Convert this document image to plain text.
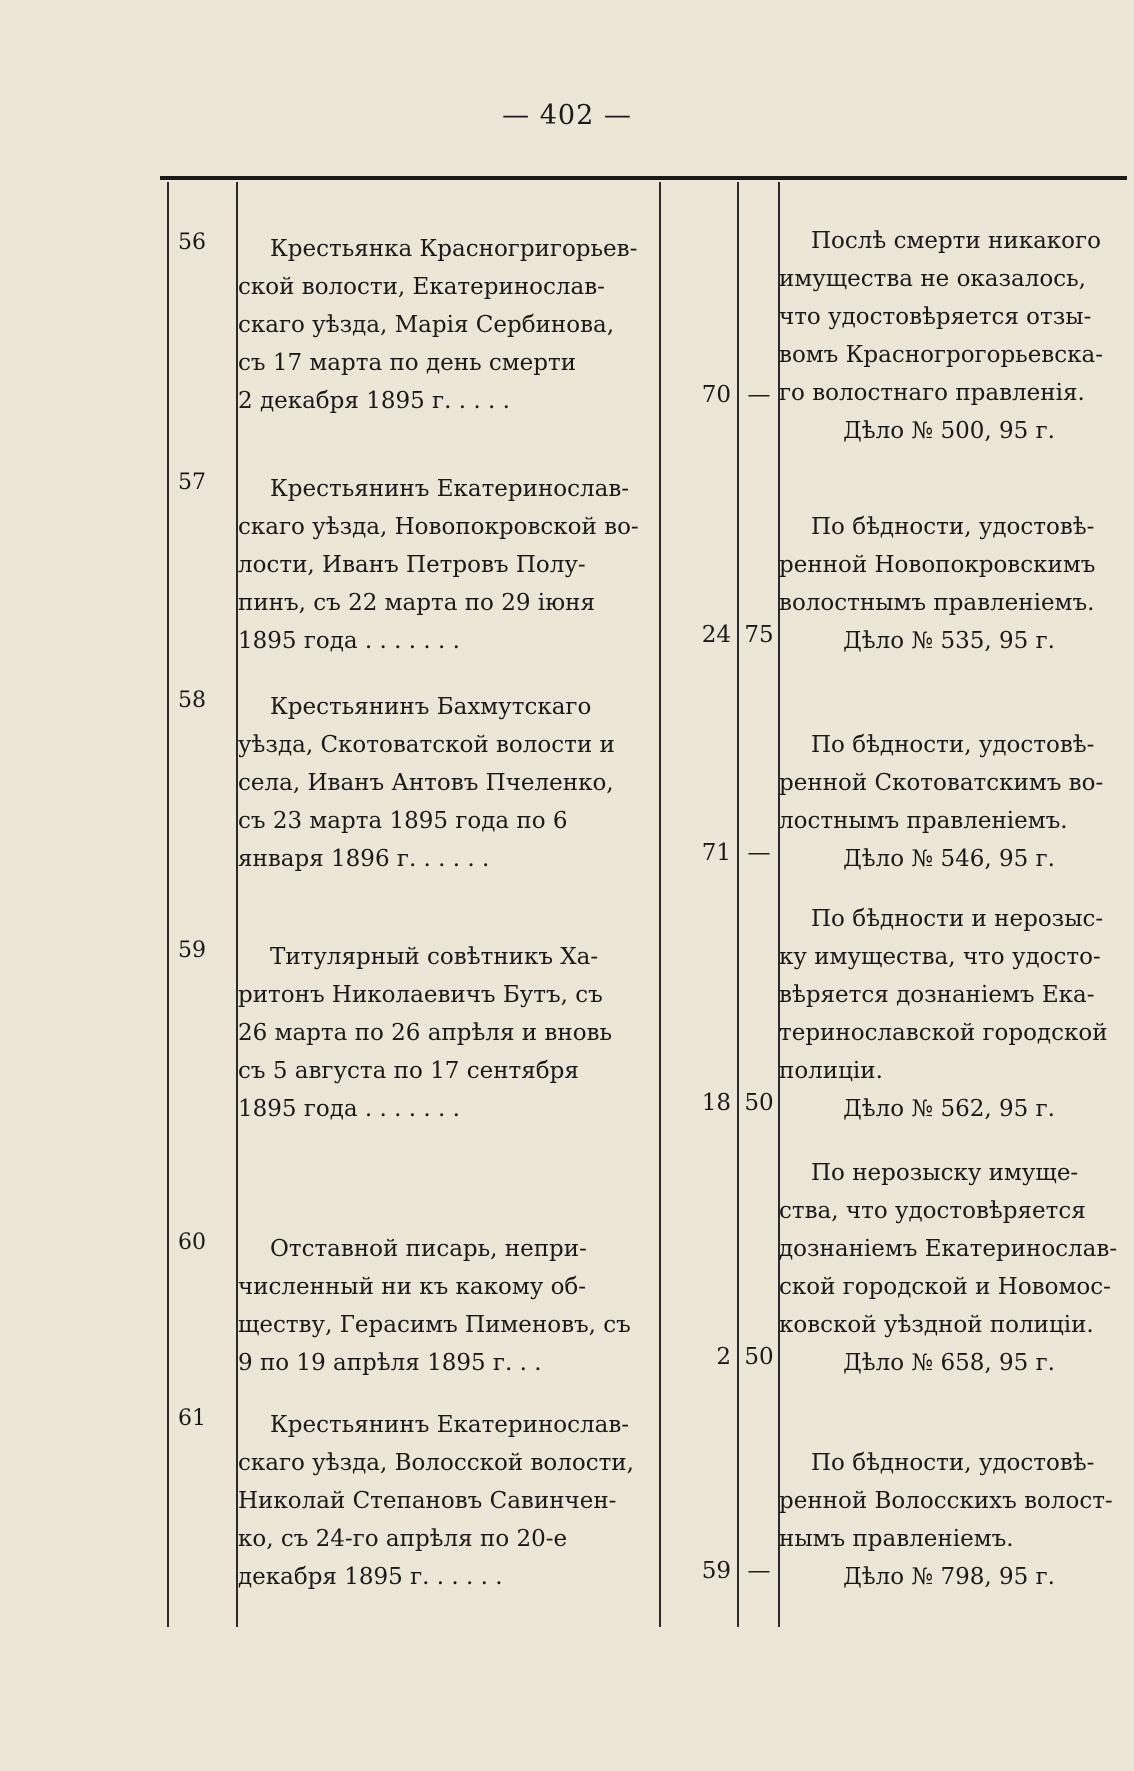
— 402 —
56	Крестьянка Красногригорьев-

ской волости, Екатеринослав-

скаго уѣзда, Марія Сербинова,

съ 17 марта по день смерти

2 декабря 1895 г. . . . .	70 —

Послѣ смерти никакого

имущества не оказалось,

что удостовѣряется отзы-

вомъ Красногрогорьевска-

го волостнаго правленія.

Дѣло № 500, 95 г.

57	Крестьянинъ Екатеринослав-

скаго уѣзда, Новопокровской во-

лости, Иванъ Петровъ Полу-

пинъ, съ 22 марта по 29 іюня

1895 года . . . . . . .	24 75

По бѣдности, удостовѣ-

ренной Новопокровскимъ

волостнымъ правленіемъ.

Дѣло № 535, 95 г.

58	Крестьянинъ Бахмутскаго

уѣзда, Скотоватской волости и

села, Иванъ Антовъ Пчеленко,

съ 23 марта 1895 года по 6

января 1896 г. . . . . .	71 —

По бѣдности, удостовѣ-

ренной Скотоватскимъ во-

лостнымъ правленіемъ.

Дѣло № 546, 95 г.

59	Титулярный совѣтникъ Ха-

ритонъ Николаевичъ Бутъ, съ

26 марта по 26 апрѣля и вновь

съ 5 августа по 17 сентября

1895 года . . . . . . .	18 50

По бѣдности и нерозыс-

ку имущества, что удосто-

вѣряется дознаніемъ Ека-

теринославской городской

полиціи.

Дѣло № 562, 95 г.

60	Отставной писарь, непри-

численный ни къ какому об-

ществу, Герасимъ Пименовъ, съ

9 по 19 апрѣля 1895 г. . .	2 50

По нерозыску имуще-

ства, что удостовѣряется

дознаніемъ Екатеринослав-

ской городской и Новомос-

ковской уѣздной полиціи.

Дѣло № 658, 95 г.

61	Крестьянинъ Екатеринослав-

скаго уѣзда, Волосской волости,

Николай Степановъ Савинчен-

ко, съ 24-го апрѣля по 20-е

декабря 1895 г. . . . . .	59 —

По бѣдности, удостовѣ-

ренной Волосскихъ волост-

нымъ правленіемъ.

Дѣло № 798, 95 г.
